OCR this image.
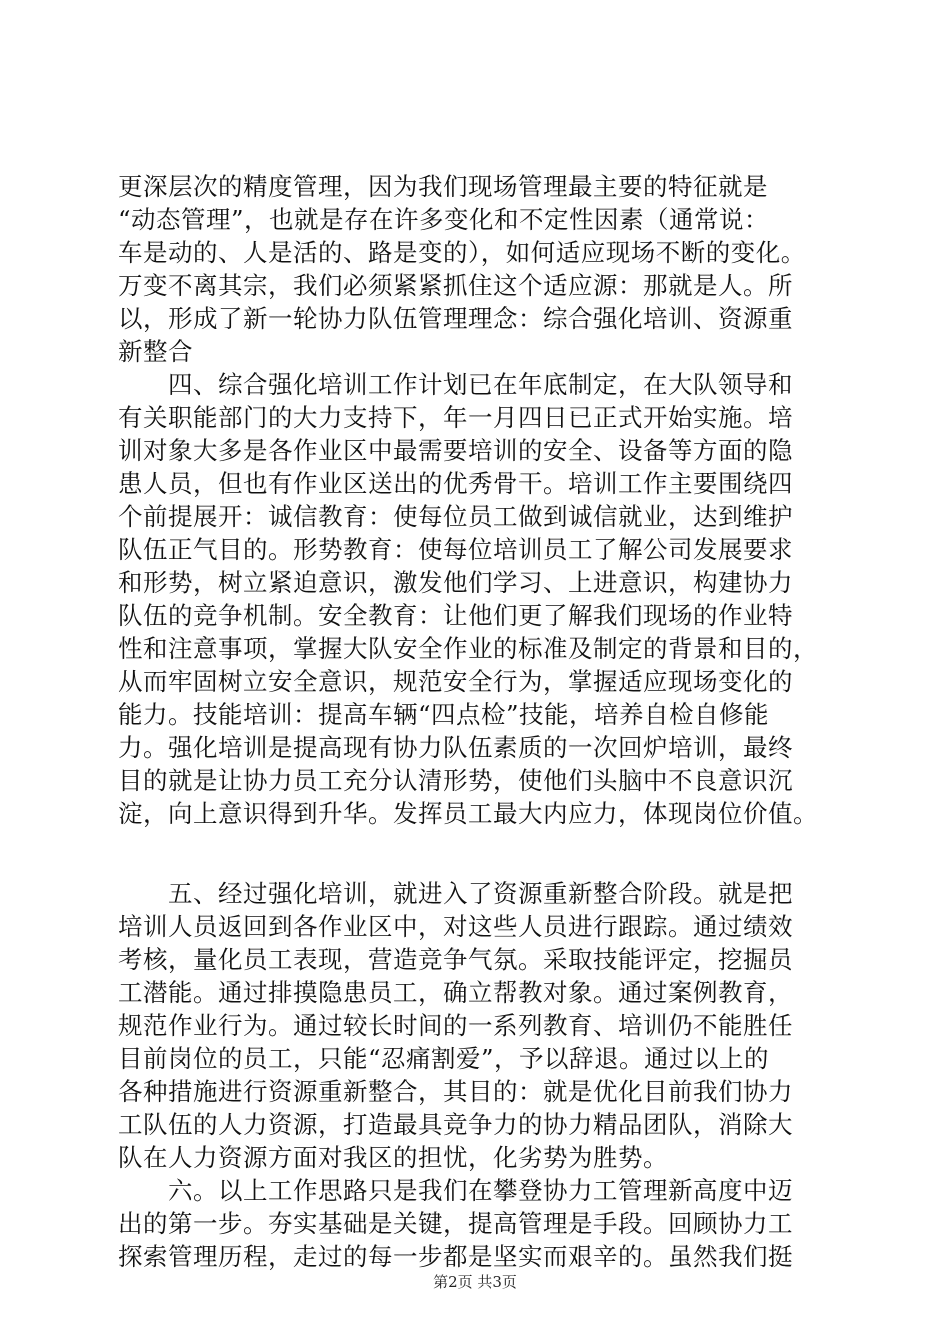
更深层次的精度管理，因为我们现场管理最主要的特征就是
“动态管理”，也就是存在许多变化和不定性因素（通常说：
车是动的、人是活的、路是变的），如何适应现场不断的变化。
万变不离其宗，我们必须紧紧抓住这个适应源：那就是人。所
以，形成了新一轮协力队伍管理理念：综合强化培训、资源重
新整合
　　四、综合强化培训工作计划已在年底制定，在大队领导和
有关职能部门的大力支持下，年一月四日已正式开始实施。培
训对象大多是各作业区中最需要培训的安全、设备等方面的隐
患人员，但也有作业区送出的优秀骨干。培训工作主要围绕四
个前提展开：诚信教育：使每位员工做到诚信就业，达到维护
队伍正气目的。形势教育：使每位培训员工了解公司发展要求
和形势，树立紧迫意识，激发他们学习、上进意识，构建协力
队伍的竞争机制。安全教育：让他们更了解我们现场的作业特
性和注意事项，掌握大队安全作业的标准及制定的背景和目的，
从而牢固树立安全意识，规范安全行为，掌握适应现场变化的
能力。技能培训：提高车辆“四点检”技能，培养自检自修能
力。强化培训是提高现有协力队伍素质的一次回炉培训，最终
目的就是让协力员工充分认清形势，使他们头脑中不良意识沉
淀，向上意识得到升华。发挥员工最大内应力，体现岗位价值。
　　五、经过强化培训，就进入了资源重新整合阶段。就是把
培训人员返回到各作业区中，对这些人员进行跟踪。通过绩效
考核，量化员工表现，营造竞争气氛。采取技能评定，挖掘员
工潜能。通过排摸隐患员工，确立帮教对象。通过案例教育，
规范作业行为。通过较长时间的一系列教育、培训仍不能胜任
目前岗位的员工，只能“忍痛割爱”，予以辞退。通过以上的
各种措施进行资源重新整合，其目的：就是优化目前我们协力
工队伍的人力资源，打造最具竞争力的协力精品团队，消除大
队在人力资源方面对我区的担忧，化劣势为胜势。
　　六。以上工作思路只是我们在攀登协力工管理新高度中迈
出的第一步。夯实基础是关键，提高管理是手段。回顾协力工
探索管理历程，走过的每一步都是坚实而艰辛的。虽然我们挺
第2页 共3页
